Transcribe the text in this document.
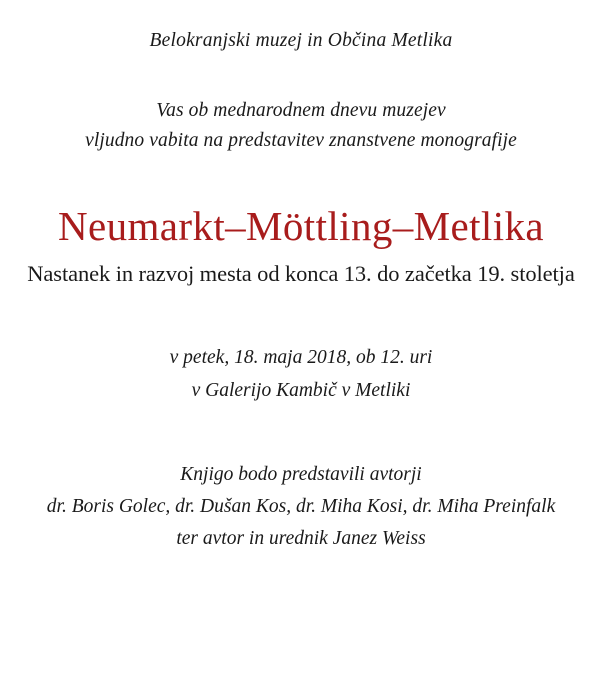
Belokranjski muzej in Občina Metlika
Vas ob mednarodnem dnevu muzejev
vljudno vabita na predstavitev znanstvene monografije
Neumarkt–Möttling–Metlika
Nastanek in razvoj mesta od konca 13. do začetka 19. stoletja
v petek, 18. maja 2018, ob 12. uri
v Galerijo Kambič v Metliki
Knjigo bodo predstavili avtorji
dr. Boris Golec, dr. Dušan Kos, dr. Miha Kosi, dr. Miha Preinfalk
ter avtor in urednik Janez Weiss
